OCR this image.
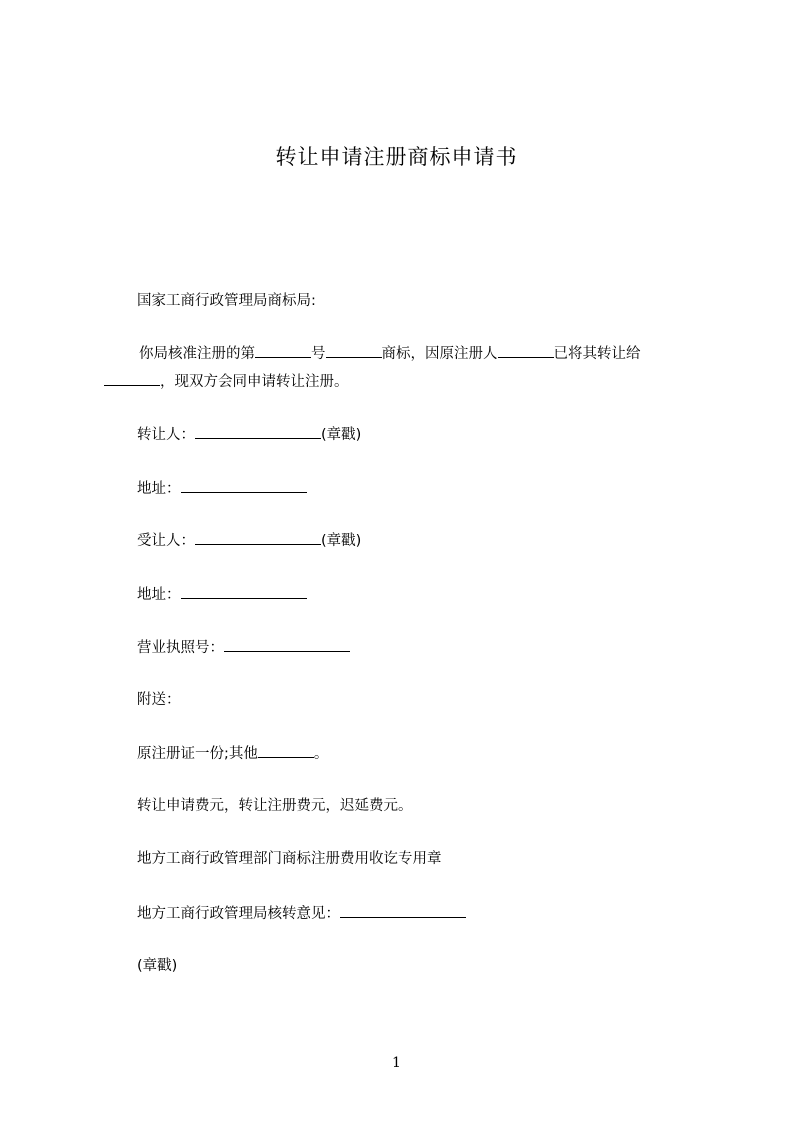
转让申请注册商标申请书
国家工商行政管理局商标局:
你局核准注册的第	号	商标，因原注册人	已将其转让给
，现双方会同申请转让注册。
转让人：	(章戳)
地址：
受让人：	(章戳)
地址：
营业执照号：
附送：
原注册证一份;其他	。
转让申请费元，转让注册费元，迟延费元。
地方工商行政管理部门商标注册费用收讫专用章
地方工商行政管理局核转意见：
(章戳)
1
